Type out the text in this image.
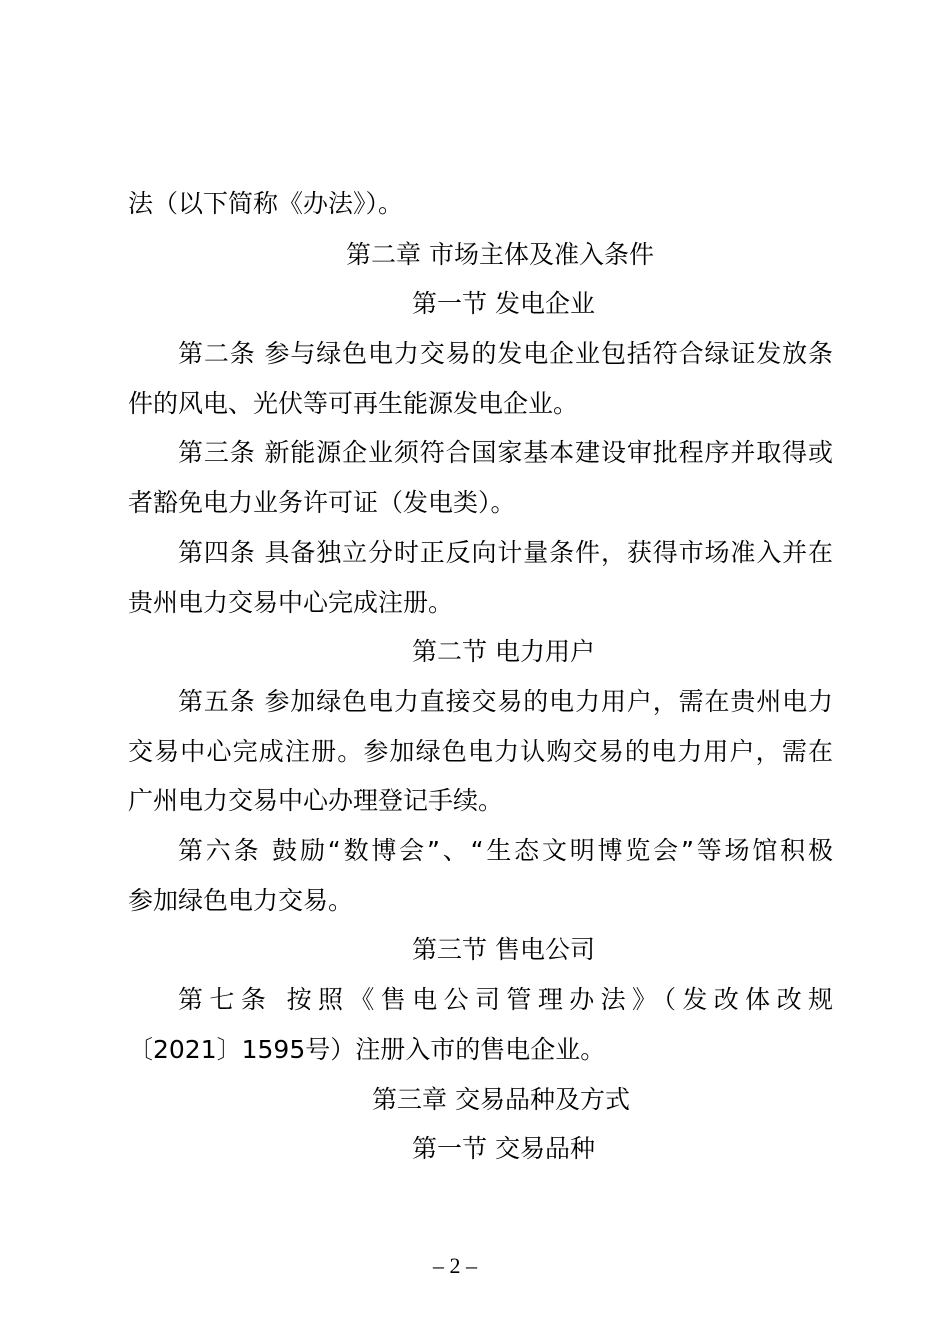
法（以下简称《办法》）。

第二章 市场主体及准入条件

第一节 发电企业

第二条 参与绿色电力交易的发电企业包括符合绿证发放条

件的风电、光伏等可再生能源发电企业。

第三条 新能源企业须符合国家基本建设审批程序并取得或

者豁免电力业务许可证（发电类）。

第四条 具备独立分时正反向计量条件，获得市场准入并在

贵州电力交易中心完成注册。

第二节 电力用户

第五条 参加绿色电力直接交易的电力用户，需在贵州电力

交易中心完成注册。参加绿色电力认购交易的电力用户，需在

广州电力交易中心办理登记手续。

第六条 鼓励“数博会”、“生态文明博览会”等场馆积极

参加绿色电力交易。

第三节 售电公司

第七条 按照《售电公司管理办法》（发改体改规

〔2021〕1595号）注册入市的售电企业。

第三章 交易品种及方式

第一节 交易品种

– 2 –
